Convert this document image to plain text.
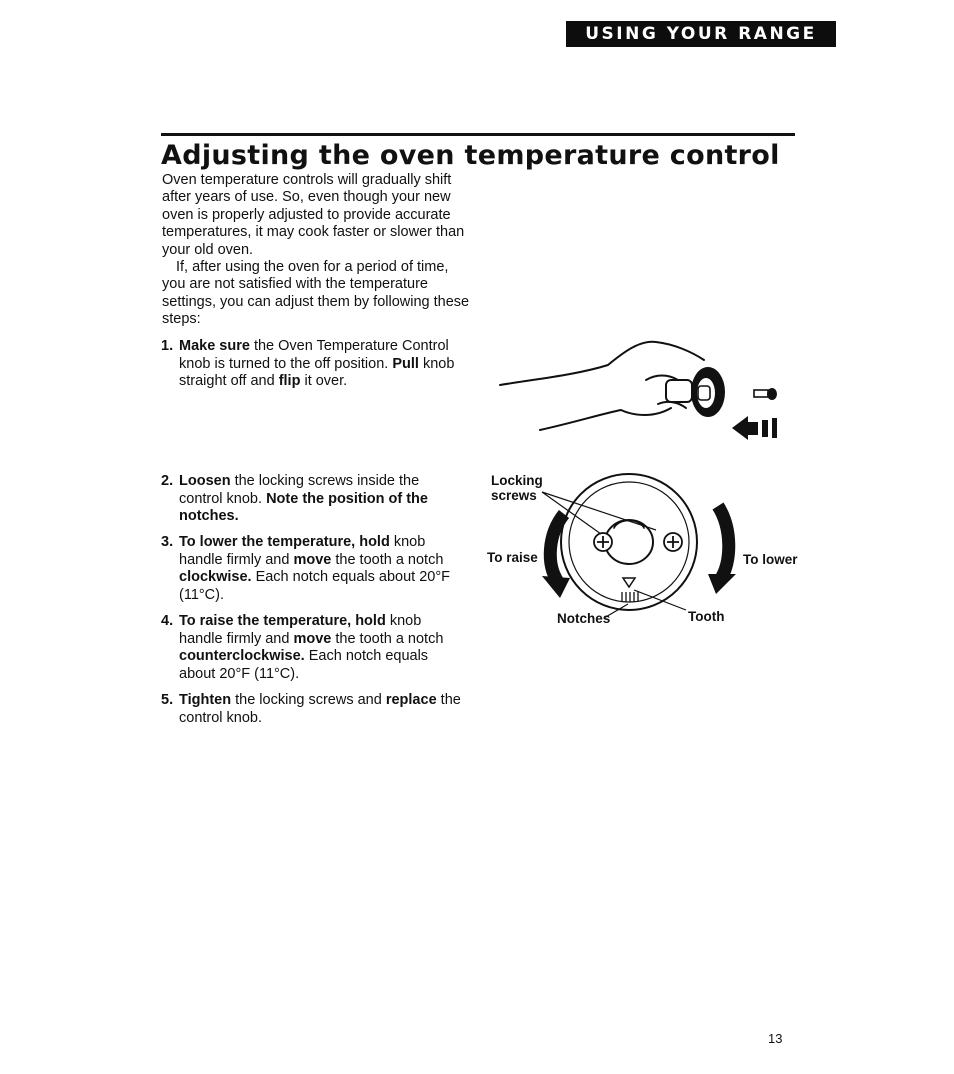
USING YOUR RANGE
Adjusting the oven temperature control

Oven temperature controls will gradually shift after years of use. So, even though your new oven is properly adjusted to provide accurate temperatures, it may cook faster or slower than your old oven.

If, after using the oven for a period of time, you are not satisfied with the temperature settings, you can adjust them by following these steps:

1. Make sure the Oven Temperature Control knob is turned to the off position. Pull knob straight off and flip it over.
2. Loosen the locking screws inside the control knob. Note the position of the notches.
3. To lower the temperature, hold knob handle firmly and move the tooth a notch clockwise. Each notch equals about 20°F (11°C).
4. To raise the temperature, hold knob handle firmly and move the tooth a notch counterclockwise. Each notch equals about 20°F (11°C).
5. Tighten the locking screws and replace the control knob.
Locking
screws
To raise	To lower
Notches	Tooth
13
